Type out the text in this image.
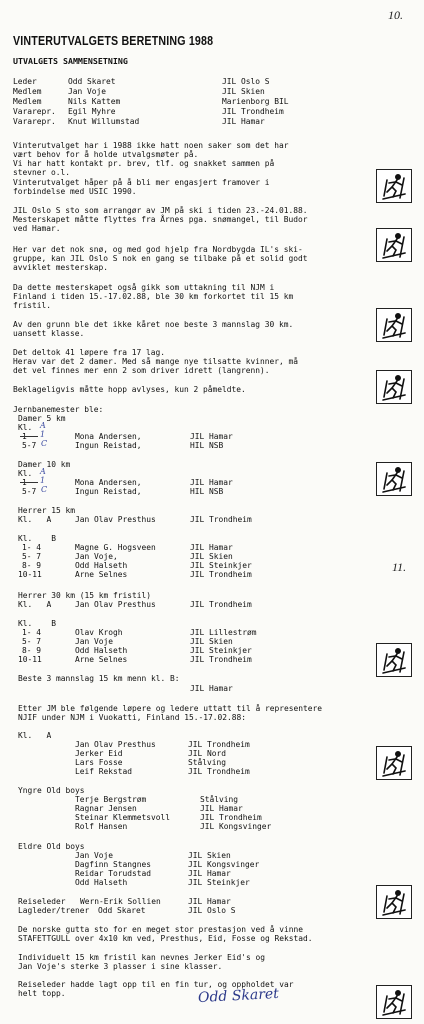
10.
11.
VINTERUTVALGETS BERETNING 1988
UTVALGETS SAMMENSETNING
Leder	Odd Skaret	JIL Oslo S
Medlem	Jan Voje	JIL Skien
Medlem	Nils Kattem	Marienborg BIL
Vararepr. Egil Myhre	JIL Trondheim
Vararepr. Knut Willumstad	JIL Hamar
Vinterutvalget har i 1988 ikke hatt noen saker som det har
vært behov for å holde utvalgsmøter på.
Vi har hatt kontakt pr. brev, tlf. og snakket sammen på
stevner o.l.
Vinterutvalget håper på å bli mer engasjert framover i
forbindelse med USIC 1990.
JIL Oslo S sto som arrangør av JM på ski i tiden 23.-24.01.88.
Mesterskapet måtte flyttes fra Årnes pga. snømangel, til Budor
ved Hamar.
Her var det nok snø, og med god hjelp fra Nordbygda IL's ski-
gruppe, kan JIL Oslo S nok en gang se tilbake på et solid godt
avviklet mesterskap.
Da dette mesterskapet også gikk som uttakning til NJM i
Finland i tiden 15.-17.02.88, ble 30 km forkortet til 15 km
fristil.
Av den grunn ble det ikke kåret noe beste 3 mannslag 30 km.
uansett klasse.
Det deltok 41 løpere fra 17 lag.
Herav var det 2 damer. Med så mange nye tilsatte kvinner, må
det vel finnes mer enn 2 som driver idrett (langrenn).
Beklageligvis måtte hopp avlyses, kun 2 påmeldte.
Jernbanemester ble:
Damer 5 km
Kl. A
1	Mona Andersen,	JIL Hamar
5-7 C	Ingun Reistad,	HIL NSB
Damer 10 km
Kl. A
1	Mona Andersen,	JIL Hamar
5-7 C	Ingun Reistad,	HIL NSB
Herrer 15 km
Kl.   A	Jan Olav Presthus	JIL Trondheim
Kl.    B
1- 4	Magne G. Hogsveen	JIL Hamar
5- 7	Jan Voje,	JIL Skien
8- 9	Odd Halseth	JIL Steinkjer
10-11	Arne Selnes	JIL Trondheim
Herrer 30 km (15 km fristil)
Kl.   A	Jan Olav Presthus	JIL Trondheim
Kl.    B
1- 4	Olav Krogh	JIL Lillestrøm
5- 7	Jan Voje	JIL Skien
8- 9	Odd Halseth	JIL Steinkjer
10-11	Arne Selnes	JIL Trondheim
Beste 3 mannslag 15 km menn kl. B:
JIL Hamar
Etter JM ble følgende løpere og ledere uttatt til å representere
NJIF under NJM i Vuokatti, Finland 15.-17.02.88:
Kl.   A
Jan Olav Presthus	JIL Trondheim
Jerker Eid	JIL Nord
Lars Fosse	Stålving
Leif Rekstad	JIL Trondheim
Yngre Old boys
Terje Bergstrøm	Stålving
Ragnar Jensen	JIL Hamar
Steinar Klemmetsvoll	JIL Trondheim
Rolf Hansen	JIL Kongsvinger
Eldre Old boys
Jan Voje	JIL Skien
Dagfinn Stangnes	JIL Kongsvinger
Reidar Torudstad	JIL Hamar
Odd Halseth	JIL Steinkjer
Reiseleder Wern-Erik Sollien	JIL Hamar
Lagleder/trener Odd Skaret	JIL Oslo S
De norske gutta sto for en meget stor prestasjon ved å vinne
STAFETTGULL over 4x10 km ved, Presthus, Eid, Fosse og Rekstad.
Individuelt 15 km fristil kan nevnes Jerker Eid's og
Jan Voje's sterke 3 plasser i sine klasser.
Reiseleder hadde lagt opp til en fin tur, og oppholdet var
helt topp.	Odd Skaret
